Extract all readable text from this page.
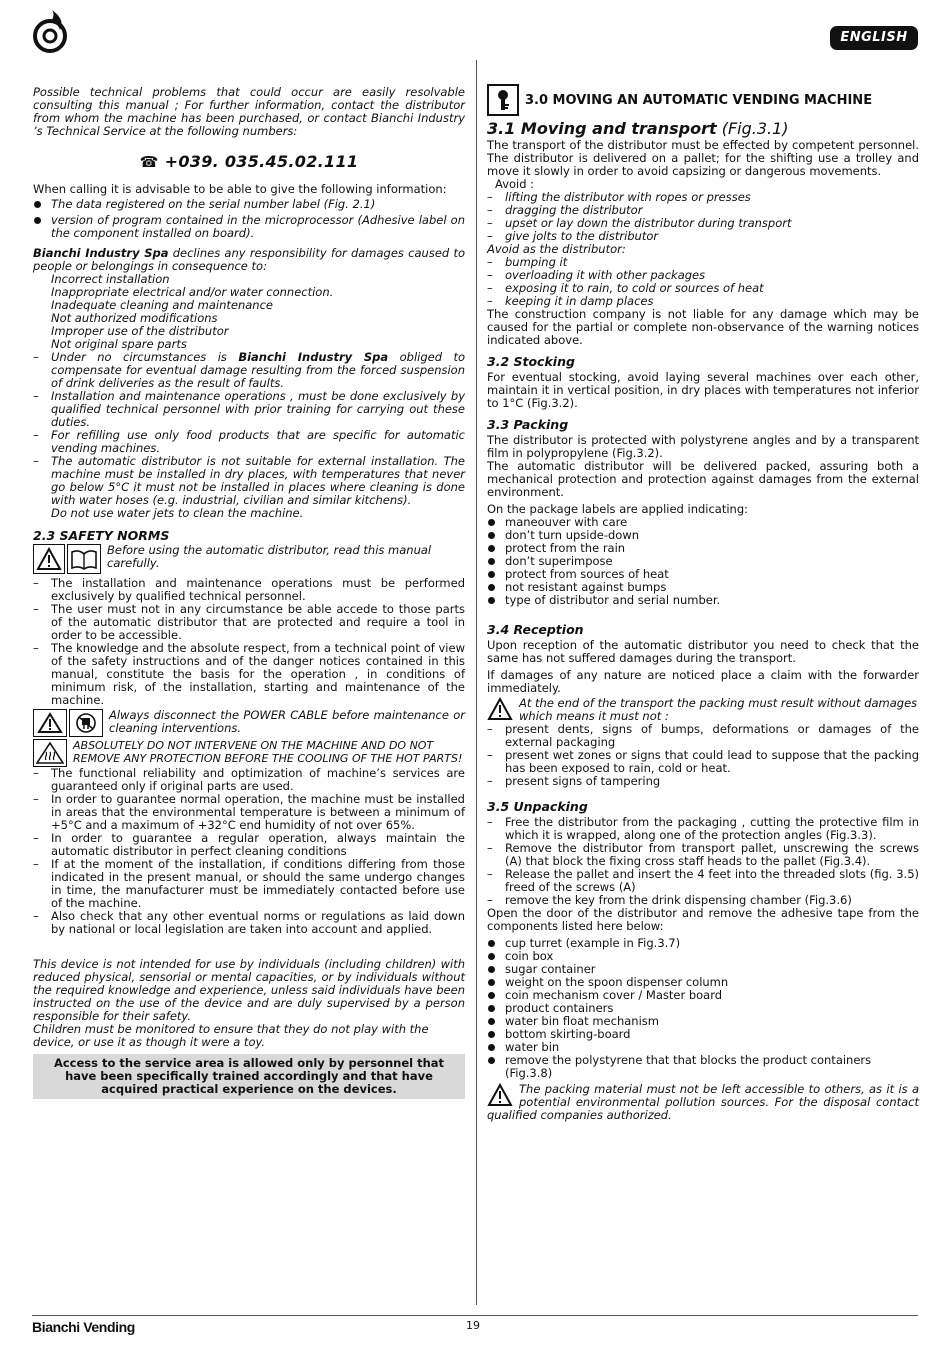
ENGLISH

Possible technical problems that could occur are easily resolvable consulting this manual ; For further information, contact the distributor from whom the machine has been purchased, or contact Bianchi Industry ’s Technical Service at the following numbers:

☎ +039. 035.45.02.111

When calling it is advisable to be able to give the following information:

The data registered on the serial number label (Fig. 2.1)
version of program contained in the microprocessor (Adhesive label on the component installed on board).

Bianchi Industry Spa declines any responsibility for damages caused to people or belongings in consequence to:

Incorrect installation
Inappropriate electrical and/or water connection.
Inadequate cleaning and maintenance
Not authorized modifications
Improper use of the distributor
Not original spare parts
– Under no circumstances is Bianchi Industry Spa obliged to compensate for eventual damage resulting from the forced suspension of drink deliveries as the result of faults.
– Installation and maintenance operations , must be done exclusively by qualified technical personnel with prior training for carrying out these duties.
– For refilling use only food products that are specific for automatic vending machines.
– The automatic distributor is not suitable for external installation. The machine must be installed in dry places, with temperatures that never go below 5°C it must not be installed in places where cleaning is done with water hoses (e.g. industrial, civilian and similar kitchens).
Do not use water jets to clean the machine.
2.3 SAFETY NORMS

Before using the automatic distributor, read this manual carefully.

– The installation and maintenance operations must be performed exclusively by qualified technical personnel.
– The user must not in any circumstance be able accede to those parts of the automatic distributor that are protected and require a tool in order to be accessible.
– The knowledge and the absolute respect, from a technical point of view of the safety instructions and of the danger notices contained in this manual, constitute the basis for the operation , in conditions of minimum risk, of the installation, starting and maintenance of the machine.

Always disconnect the POWER CABLE before maintenance or cleaning interventions.

ABSOLUTELY DO NOT INTERVENE ON THE MACHINE AND DO NOT REMOVE ANY PROTECTION BEFORE THE COOLING OF THE HOT PARTS!

– The functional reliability and optimization of machine’s services are guaranteed only if original parts are used.
– In order to guarantee normal operation, the machine must be installed in areas that the environmental temperature is between a minimum of +5°C and a maximum of +32°C end humidity of not over 65%.
– In order to guarantee a regular operation, always maintain the automatic distributor in perfect cleaning conditions
– If at the moment of the installation, if conditions differing from those indicated in the present manual, or should the same undergo changes in time, the manufacturer must be immediately contacted before use of the machine.
– Also check that any other eventual norms or regulations as laid down by national or local legislation are taken into account and applied.

This device is not intended for use by individuals (including children) with reduced physical, sensorial or mental capacities, or by individuals without the required knowledge and experience, unless said individuals have been instructed on the use of the device and are duly supervised by a person responsible for their safety.

Children must be monitored to ensure that they do not play with the device, or use it as though it were a toy.

Access to the service area is allowed only by personnel that have been specifically trained accordingly and that have acquired practical experience on the devices.
3.0 MOVING AN AUTOMATIC VENDING MACHINE
3.1 Moving and transport (Fig.3.1)

The transport of the distributor must be effected by competent personnel. The distributor is delivered on a pallet; for the shifting use a trolley and move it slowly in order to avoid capsizing or dangerous movements.

Avoid :

– lifting the distributor with ropes or presses
– dragging the distributor
– upset or lay down the distributor during transport
– give jolts to the distributor

Avoid as the distributor:

– bumping it
– overloading it with other packages
– exposing it to rain, to cold or sources of heat
– keeping it in damp places

The construction company is not liable for any damage which may be caused for the partial or complete non-observance of the warning notices indicated above.

3.2 Stocking

For eventual stocking, avoid laying several machines over each other, maintain it in vertical position, in dry places with temperatures not inferior to 1°C (Fig.3.2).

3.3 Packing

The distributor is protected with polystyrene angles and by a transparent film in polypropylene (Fig.3.2).

The automatic distributor will be delivered packed, assuring both a mechanical protection and protection against damages from the external environment.

On the package labels are applied indicating:

maneouver with care
don’t turn upside-down
protect from the rain
don’t superimpose
protect from sources of heat
not resistant against bumps
type of distributor and serial number.
3.4 Reception

Upon reception of the automatic distributor you need to check that the same has not suffered damages during the transport.

If damages of any nature are noticed place a claim with the forwarder immediately.

At the end of the transport the packing must result without damages which means it must not :

– present dents, signs of bumps, deformations or damages of the external packaging
– present wet zones or signs that could lead to suppose that the packing has been exposed to rain, cold or heat.
– present signs of tampering
3.5 Unpacking
– Free the distributor from the packaging , cutting the protective film in which it is wrapped, along one of the protection angles (Fig.3.3).
– Remove the distributor from transport pallet, unscrewing the screws (A) that block the fixing cross staff heads to the pallet (Fig.3.4).
– Release the pallet and insert the 4 feet into the threaded slots (fig. 3.5) freed of the screws (A)
– remove the key from the drink dispensing chamber (Fig.3.6)

Open the door of the distributor and remove the adhesive tape from the components listed here below:

cup turret (example in Fig.3.7)
coin box
sugar container
weight on the spoon dispenser column
coin mechanism cover / Master board
product containers
water bin float mechanism
bottom skirting-board
water bin
remove the polystyrene that that blocks the product containers (Fig.3.8)

The packing material must not be left accessible to others, as it is a potential environmental pollution sources. For the disposal contact qualified companies authorized.

Bianchi Vending	19
